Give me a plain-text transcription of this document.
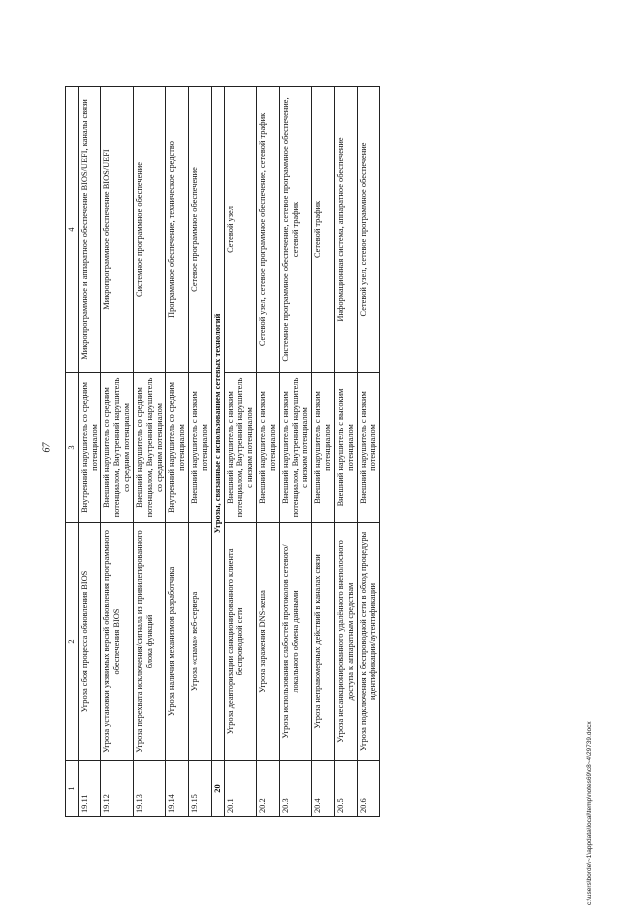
67
1	2	3	4
19.11	Угроза сбоя процесса обновления BIOS	Внутренний нарушитель со средним потенциалом	Микропрограммное и аппаратное обеспечение BIOS/UEFI, каналы связи
19.12	Угроза установки уязвимых версий обновления программного обеспечения BIOS	Внешний нарушитель со средним потенциалом, Внутренний нарушитель со средним потенциалом	Микропрограммное обеспечение BIOS/UEFI
19.13	Угроза перехвата исключения/сигнала из привилегированного блока функций	Внешний нарушитель со средним потенциалом, Внутренний нарушитель со средним потенциалом	Системное программное обеспечение
19.14	Угроза наличия механизмов разработчика	Внутренний нарушитель со средним потенциалом	Программное обеспечение, техническое средство
19.15	Угроза «спама» веб-сервера	Внешний нарушитель с низким потенциалом	Сетевое программное обеспечение
20	Угрозы, связанные с использованием сетевых технологий		
20.1	Угроза деавторизации санкционированного клиента беспроводной сети	Внешний нарушитель с низким потенциалом, Внутренний нарушитель с низким потенциалом	Сетевой узел
20.2	Угроза заражения DNS-кеша	Внешний нарушитель с низким потенциалом	Сетевой узел, сетевое программное обеспечение, сетевой трафик
20.3	Угроза использования слабостей протоколов сетевого/локального обмена данными	Внешний нарушитель с низким потенциалом, Внутренний нарушитель с низким потенциалом	Системное программное обеспечение, сетевое программное обеспечение, сетевой трафик
20.4	Угроза неправомерных действий в каналах связи	Внешний нарушитель с низким потенциалом	Сетевой трафик
20.5	Угроза несанкционированного удалённого внеполосного доступа к аппаратным средствам	Внешний нарушитель с высоким потенциалом	Информационная система, аппаратное обеспечение
20.6	Угроза подключения к беспроводной сети в обход процедуры идентификации/аутентификации	Внешний нарушитель с низким потенциалом	Сетевой узел, сетевое программное обеспечение
c:\users\borde\~1\appdata\local\temp\notes69\c8~4\29739.docx
